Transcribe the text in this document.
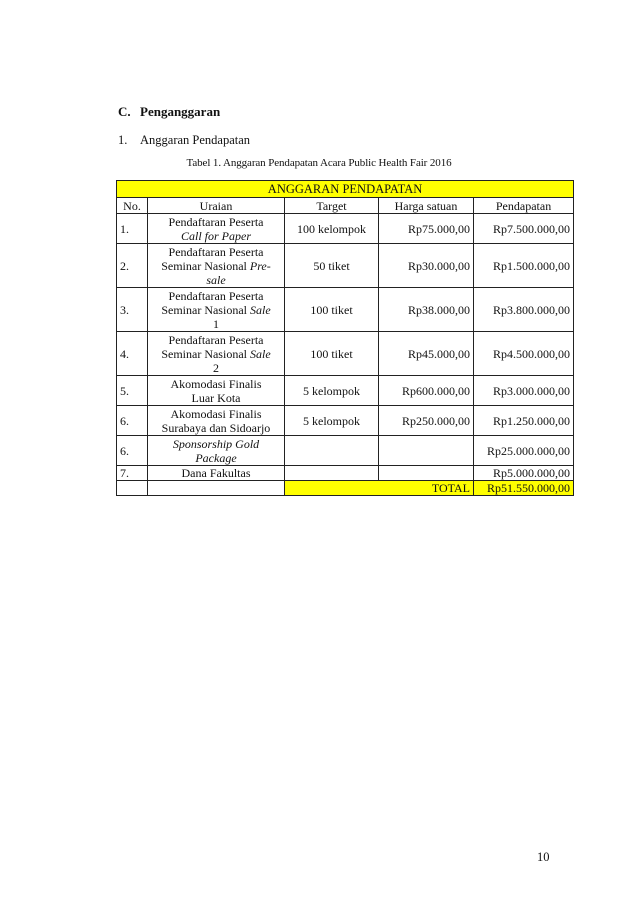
C. Penganggaran
1. Anggaran Pendapatan
Tabel 1. Anggaran Pendapatan Acara Public Health Fair 2016
ANGGARAN PENDAPATAN				
No.	Uraian	Target	Harga satuan	Pendapatan
1.	Pendaftaran Peserta
Call for Paper	100 kelompok	Rp75.000,00	Rp7.500.000,00
2.	Pendaftaran Peserta
Seminar Nasional Pre-
sale	50 tiket	Rp30.000,00	Rp1.500.000,00
3.	Pendaftaran Peserta
Seminar Nasional Sale
1	100 tiket	Rp38.000,00	Rp3.800.000,00
4.	Pendaftaran Peserta
Seminar Nasional Sale
2	100 tiket	Rp45.000,00	Rp4.500.000,00
5.	Akomodasi Finalis
Luar Kota	5 kelompok	Rp600.000,00	Rp3.000.000,00
6.	Akomodasi Finalis
Surabaya dan Sidoarjo	5 kelompok	Rp250.000,00	Rp1.250.000,00
6.	Sponsorship Gold
Package			Rp25.000.000,00
7.	Dana Fakultas			Rp5.000.000,00
		TOTAL		Rp51.550.000,00
10
